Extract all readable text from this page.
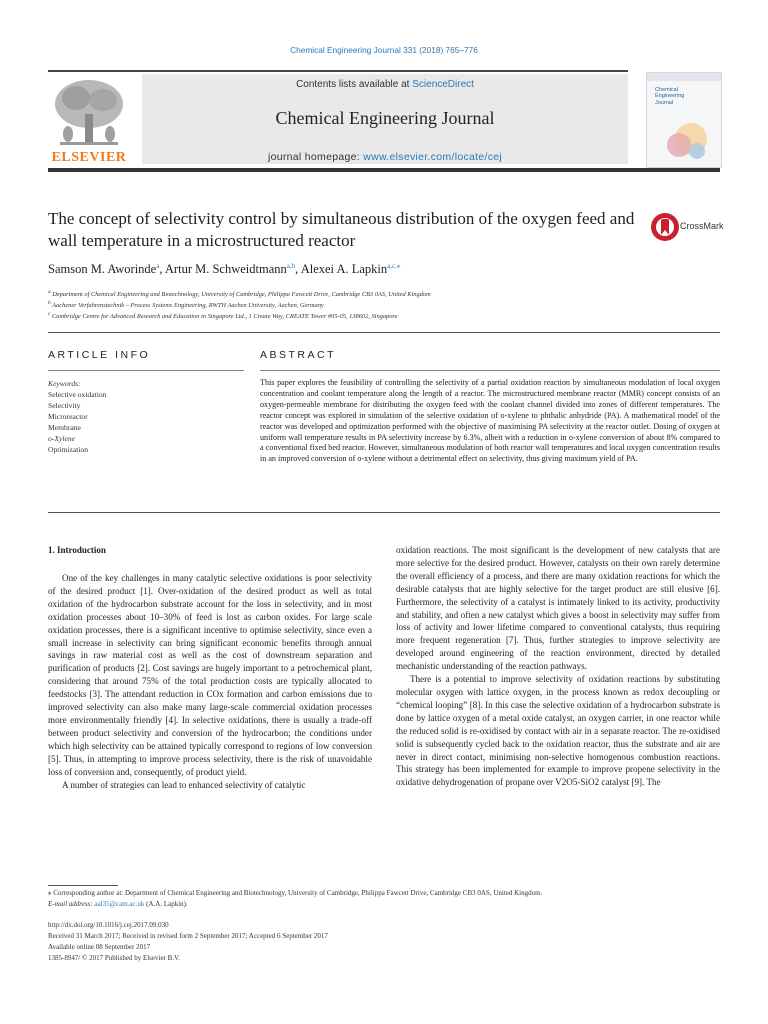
Chemical Engineering Journal 331 (2018) 765–776
ELSEVIER
Contents lists available at ScienceDirect
Chemical Engineering Journal
journal homepage: www.elsevier.com/locate/cej
Chemical
Engineering
Journal
The concept of selectivity control by simultaneous distribution of the oxygen feed and wall temperature in a microstructured reactor
CrossMark
Samson M. Aworinde$^a$, Artur M. Schweidtmann$^{a,b}$, Alexei A. Lapkin$^{a,c,⁎}$
$^a$ Department of Chemical Engineering and Biotechnology, University of Cambridge, Philippa Fawcett Drive, Cambridge CB3 0AS, United Kingdom
$^b$ Aachener Verfahrenstechnik – Process Systems Engineering, RWTH Aachen University, Aachen, Germany
$^c$ Cambridge Centre for Advanced Research and Education in Singapore Ltd., 1 Create Way, CREATE Tower #05-05, 138602, Singapore
ARTICLE INFO	ABSTRACT
Keywords:
Selective oxidation
Selectivity
Microreactor
Membrane
o-Xylene
Optimization
This paper explores the feasibility of controlling the selectivity of a partial oxidation reaction by simultaneous modulation of local oxygen concentration and coolant temperature along the length of a reactor. The microstructured membrane reactor (MMR) concept consists of an oxygen-permeable membrane for distributing the oxygen feed with the coolant channel divided into zones of different temperatures. The reactor concept was explored in simulation of the selective oxidation of o-xylene to phthalic anhydride (PA). A mathematical model of the reactor was developed and optimization performed with the objective of maximising PA selectivity at the reactor outlet. Dosing of oxygen at uniform wall temperature results in PA selectivity increase by 6.3%, albeit with a reduction in o-xylene conversion of about 8% compared to a conventional fixed bed reactor. However, simultaneous modulation of both reactor wall temperatures and local oxygen concentration results in an improved conversion of o-xylene without a detrimental effect on selectivity, thus giving maximum yield of PA.
1. Introduction

One of the key challenges in many catalytic selective oxidations is poor selectivity of the desired product [1]. Over-oxidation of the desired product as well as total oxidation of the hydrocarbon substrate account for the loss in selectivity, and in most oxidation processes about 10–30% of feed is lost as carbon oxides. For large scale oxidation processes, there is a significant incentive to optimise selectivity, since even a small increase in selectivity can bring significant economic benefits through annual savings in raw material cost as well as the cost of downstream separation and purification of products [2]. Cost savings are hugely important to a petrochemical plant, considering that around 75% of the total production costs are typically allocated to feedstocks [3]. The attendant reduction in COx formation and carbon emissions due to improved selectivity can also make many large-scale commercial oxidation processes more environmentally friendly [4]. In selective oxidations, there is usually a trade-off between product selectivity and conversion of the hydrocarbon; the conditions under which high selectivity can be attained typically correspond to regions of low conversion [5]. Thus, in attempting to improve process selectivity, there is the risk of unavoidable loss of conversion and, consequently, of product yield.

A number of strategies can lead to enhanced selectivity of catalytic

oxidation reactions. The most significant is the development of new catalysts that are more selective for the desired product. However, catalysts on their own rarely determine the overall efficiency of a process, and there are many oxidation reactions for which the desirable catalysts that are highly selective for the target product are still elusive [6]. Furthermore, the selectivity of a catalyst is intimately linked to its activity, productivity and stability, and often a new catalyst which gives a boost in selectivity may suffer from loss of activity and lower lifetime compared to conventional catalysts, thus requiring more frequent regeneration [7]. Thus, further strategies to improve selectivity are developed around engineering of the reaction environment, directed by detailed mechanistic understanding of the reaction pathways.

There is a potential to improve selectivity of oxidation reactions by substituting molecular oxygen with lattice oxygen, in the process known as redox decoupling or “chemical looping” [8]. In this case the selective oxidation of a hydrocarbon substrate is done by lattice oxygen of a metal oxide catalyst, an oxygen carrier, in one reactor while the reduced solid is re-oxidised by contact with air in a separate reactor. The re-oxidised solid is subsequently cycled back to the oxidation reactor, thus the substrate and air are never in direct contact, minimising non-selective homogenous combustion reactions. This strategy has been implemented for example to improve propene selectivity in the oxidative dehydrogenation of propane over V2O5-SiO2 catalyst [9]. The

⁎ Corresponding author at: Department of Chemical Engineering and Biotechnology, University of Cambridge, Philippa Fawcett Drive, Cambridge CB3 0AS, United Kingdom.
E-mail address: aal35@cam.ac.uk (A.A. Lapkin).
http://dx.doi.org/10.1016/j.cej.2017.09.030
Received 31 March 2017; Received in revised form 2 September 2017; Accepted 6 September 2017
Available online 08 September 2017
1385-8947/ © 2017 Published by Elsevier B.V.
